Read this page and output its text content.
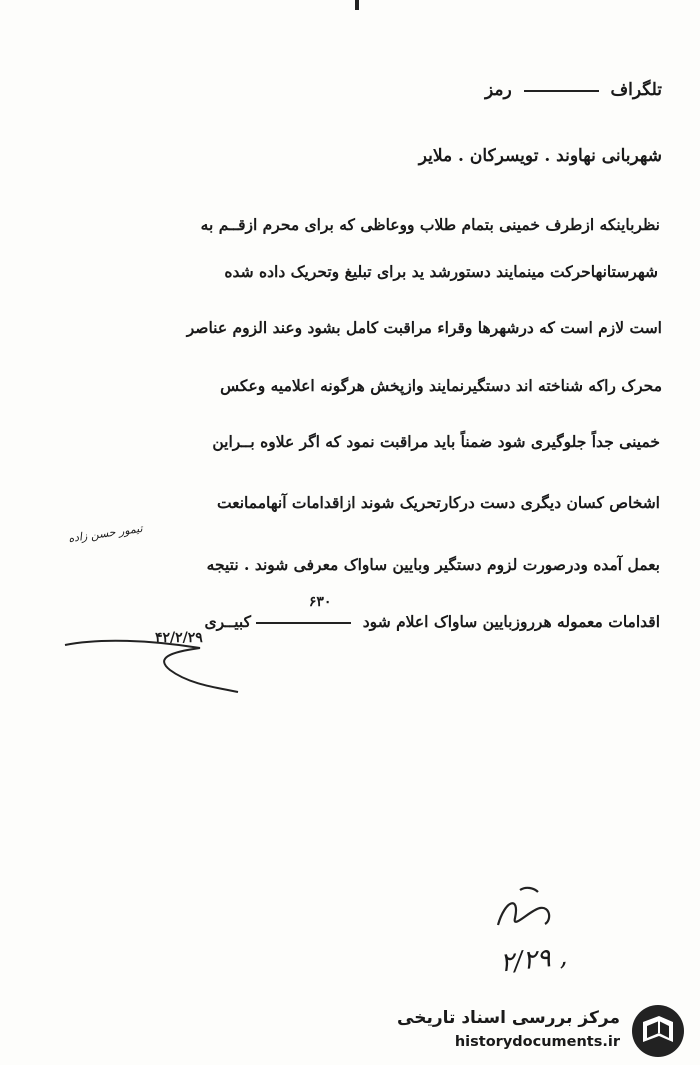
تلگراف  رمز
شهربانی نهاوند . تویسرکان . ملایر
نظرباینکه ازطرف خمینی بتمام طلاب ووعاظی که برای محرم ازقــم به
شهرستانهاحرکت مینمایند دستورشد ید برای تبلیغ وتحریک داده شده
است لازم است که درشهرها وقراء مراقبت کامل بشود وعند الزوم عناصر
محرک راکه شناخته اند دستگیرنمایند وازپخش هرگونه اعلامیه وعکس
خمینی جداً جلوگیری شود ضمناً باید مراقبت نمود که اگر علاوه بــراین
اشخاص کسان دیگری دست درکارتحریک شوند ازاقدامات آنهاممانعت
بعمل آمده ودرصورت لزوم دستگیر وبایین ساواک معرفی شوند . نتیجه
اقدامات معموله هرروزبایین ساواک اعلام شود
۶۳۰
کبیــری
۴۲/۲/۲۹
تیمور حسن زاده
۲/۲۹ ,
مرکز بررسی اسناد تاریخی
historydocuments.ir
